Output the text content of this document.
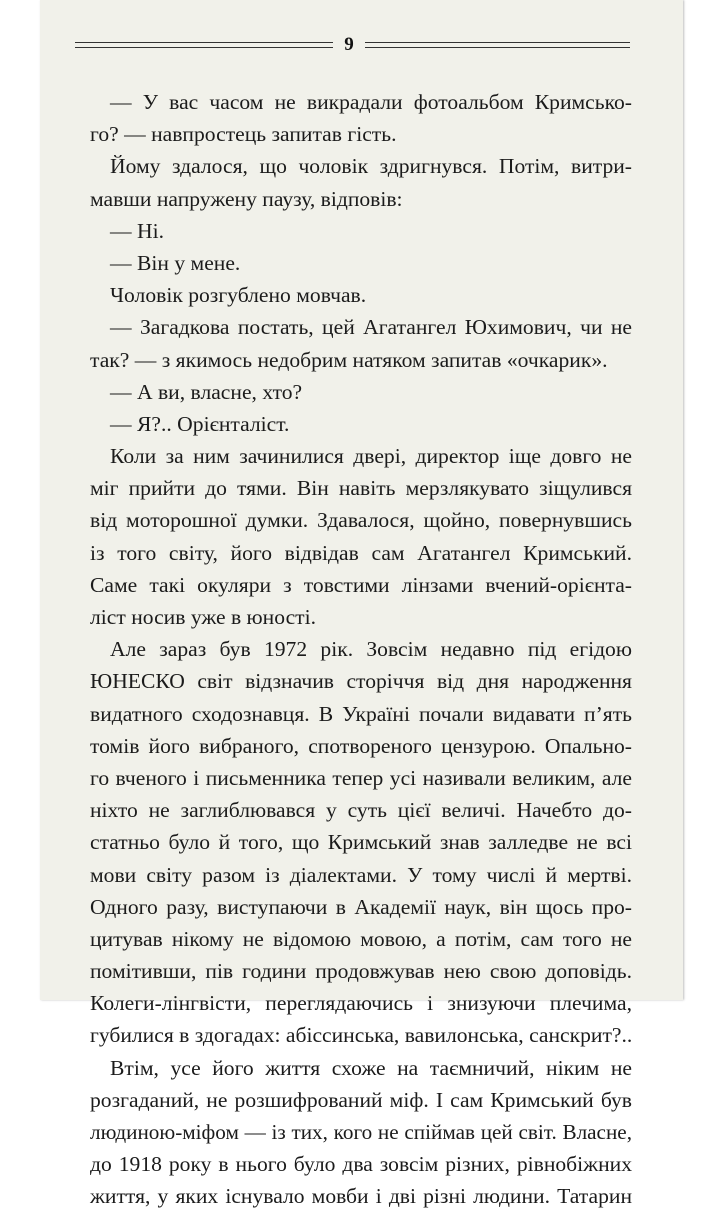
9
— У вас часом не викрадали фотоальбом Кримсько-
го? — навпростець запитав гість.
Йому здалося, що чоловік здригнувся. Потім, витри-
мавши напружену паузу, відповів:
— Ні.
— Він у мене.
Чоловік розгублено мовчав.
— Загадкова постать, цей Агатангел Юхимович, чи не
так? — з якимось недобрим натяком запитав «очкарик».
— А ви, власне, хто?
— Я?.. Орієнталіст.
Коли за ним зачинилися двері, директор іще довго не
міг прийти до тями. Він навіть мерзлякувато зіщулився
від моторошної думки. Здавалося, щойно, повернувшись
із того світу, його відвідав сам Агатангел Кримський.
Саме такі окуляри з товстими лінзами вчений-орієнта-
ліст носив уже в юності.
Але зараз був 1972 рік. Зовсім недавно під егідою
ЮНЕСКО світ відзначив сторіччя від дня народження
видатного сходознавця. В Україні почали видавати п’ять
томів його вибраного, спотвореного цензурою. Опально-
го вченого і письменника тепер усі називали великим, але
ніхто не заглиблювався у суть цієї величі. Начебто до-
статньо було й того, що Кримський знав залледве не всі
мови світу разом із діалектами. У тому числі й мертві.
Одного разу, виступаючи в Академії наук, він щось про-
цитував нікому не відомою мовою, а потім, сам того не
помітивши, пів години продовжував нею свою доповідь.
Колеги-лінгвісти, переглядаючись і знизуючи плечима,
губилися в здогадах: абіссинська, вавилонська, санскрит?..
Втім, усе його життя схоже на таємничий, ніким не
розгаданий, не розшифрований міф. І сам Кримський був
людиною-міфом — із тих, кого не спіймав цей світ. Власне,
до 1918 року в нього було два зовсім різних, рівнобіжних
життя, у яких існувало мовби і дві різні людини. Татарин
